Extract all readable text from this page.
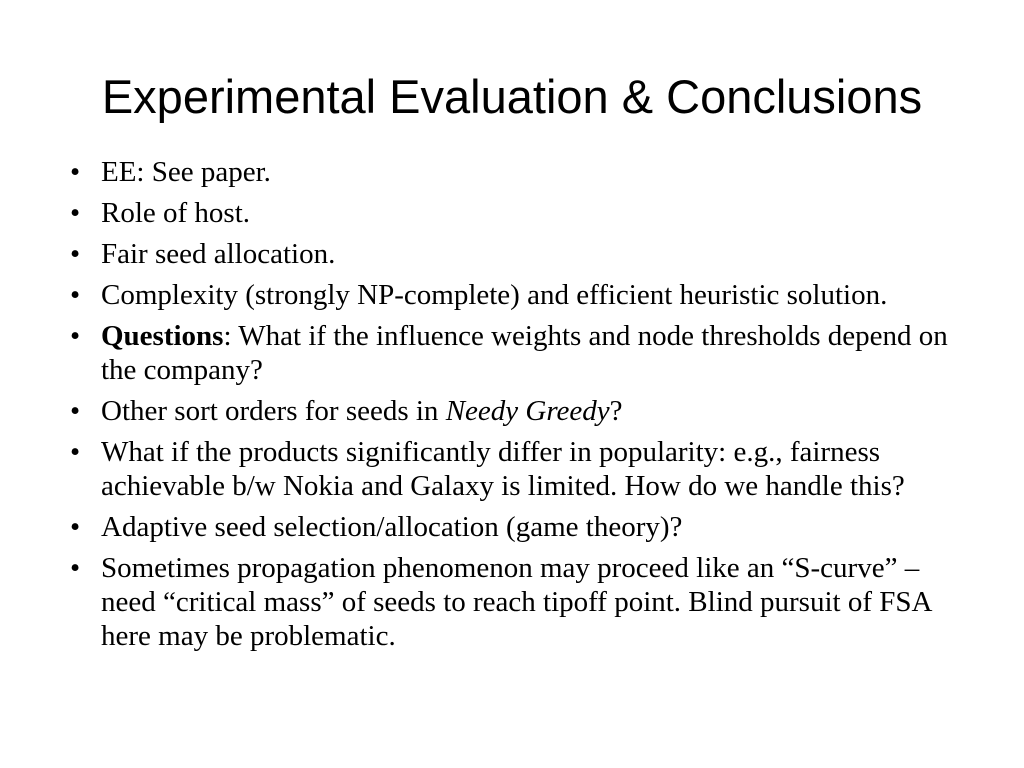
Experimental Evaluation & Conclusions
• EE: See paper.
• Role of host.
• Fair seed allocation.
• Complexity (strongly NP-complete) and efficient heuristic solution.
• Questions: What if the influence weights and node thresholds depend on the company?
• Other sort orders for seeds in Needy Greedy?
• What if the products significantly differ in popularity: e.g., fairness achievable b/w Nokia and Galaxy is limited. How do we handle this?
• Adaptive seed selection/allocation (game theory)?
• Sometimes propagation phenomenon may proceed like an “S-curve” – need “critical mass” of seeds to reach tipoff point. Blind pursuit of FSA here may be problematic.
